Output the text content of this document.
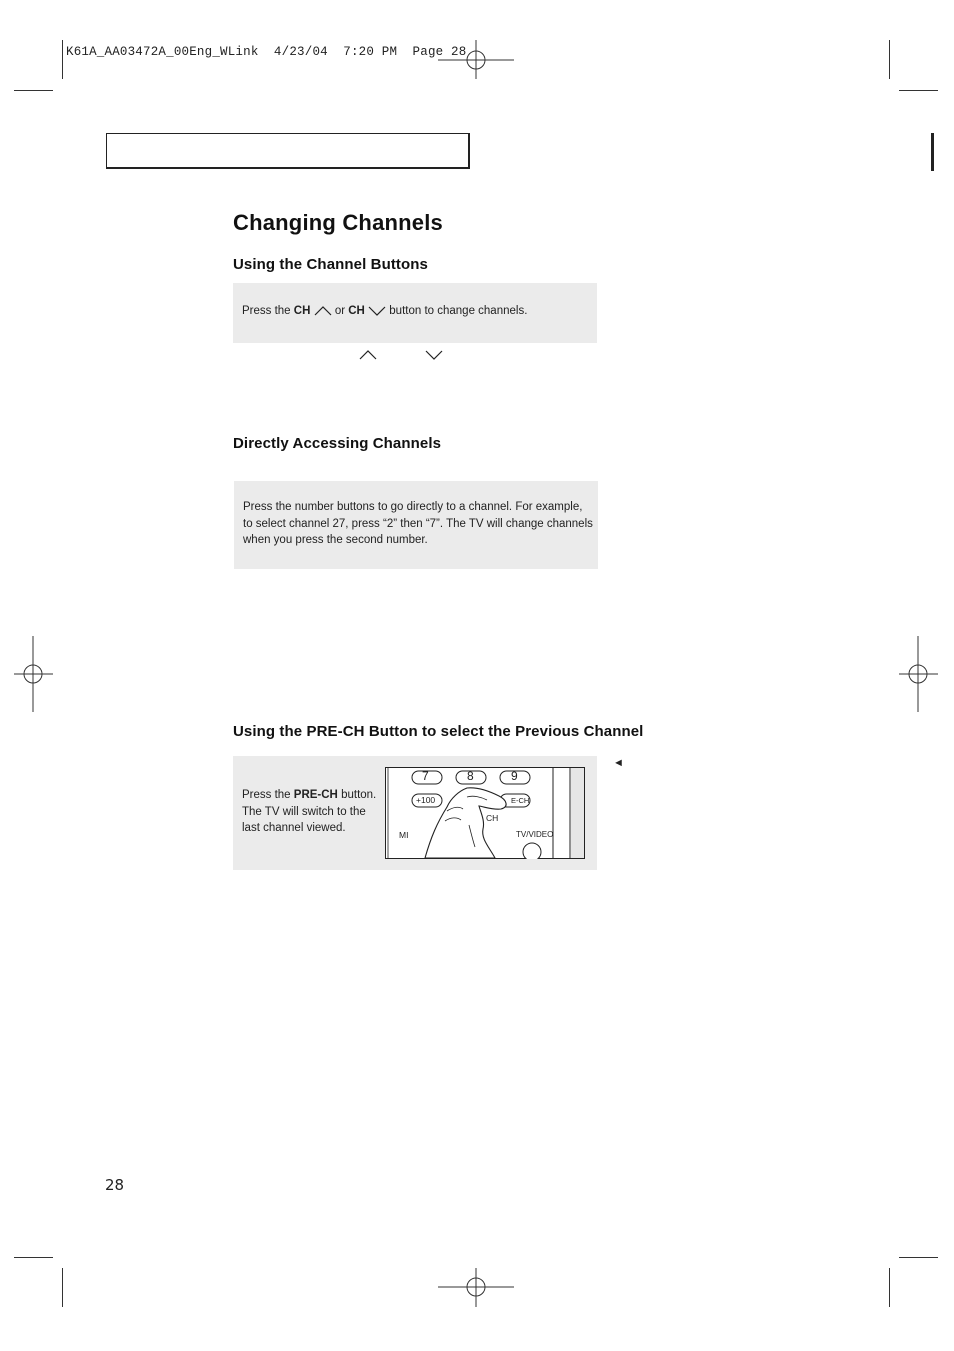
K61A_AA03472A_00Eng_WLink  4/23/04  7:20 PM  Page 28
Changing Channels
Using the Channel Buttons
Press the CH or CH button to change channels.
Directly Accessing Channels
Press the number buttons to go directly to a channel. For example,
to select channel 27, press “2” then “7”. The TV will change channels
when you press the second number.
Using the PRE-CH Button to select the Previous Channel
Press the PRE-CH button.
The TV will switch to the
last channel viewed.
7	8	9
+100	E-CH
CH
MI	TV/VIDEO
◄
28
